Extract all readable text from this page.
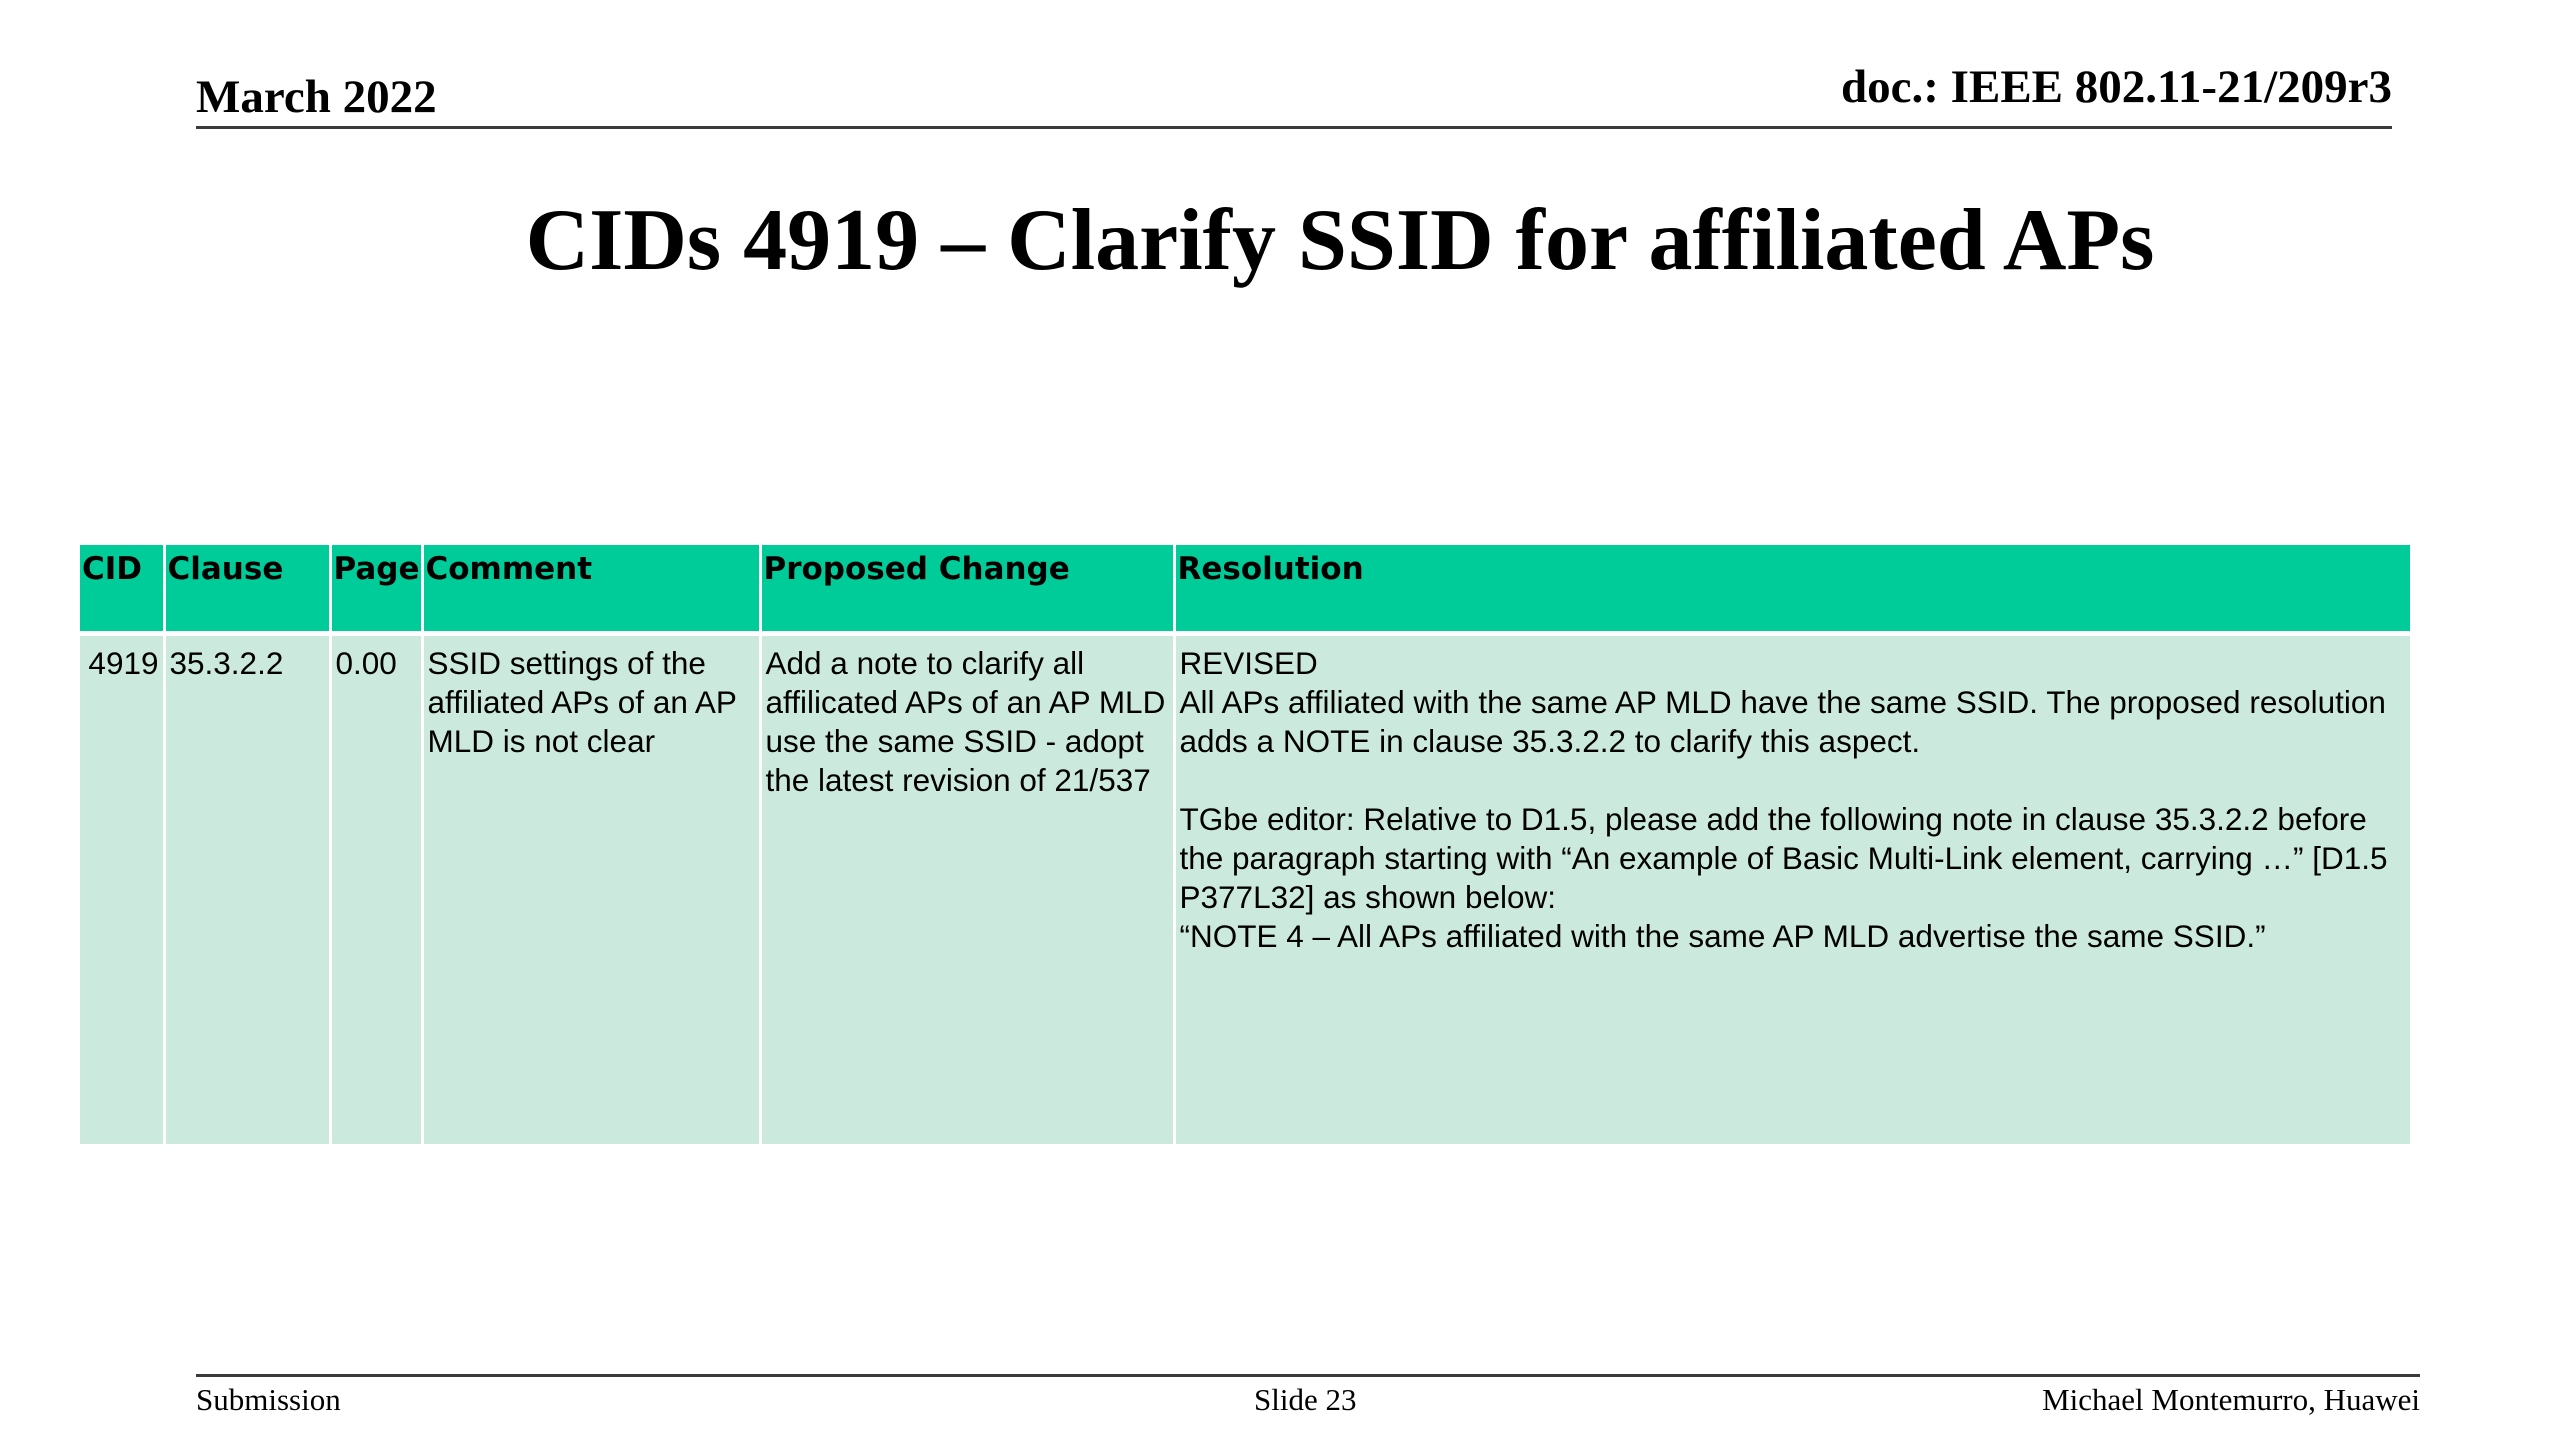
March 2022	doc.: IEEE 802.11-21/209r3
CIDs 4919 – Clarify SSID for affiliated APs
CID	Clause	Page	Comment	Proposed Change	Resolution
4919	35.3.2.2	0.00	SSID settings of the affiliated APs of an AP MLD is not clear	Add a note to clarify all affilicated APs of an AP MLD use the same SSID - adopt the latest revision of 21/537	REVISED
All APs affiliated with the same AP MLD have the same SSID. The proposed resolution adds a NOTE in clause 35.3.2.2 to clarify this aspect.

TGbe editor: Relative to D1.5, please add the following note in clause 35.3.2.2 before the paragraph starting with “An example of Basic Multi-Link element, carrying …” [D1.5 P377L32] as shown below:
“NOTE 4 – All APs affiliated with the same AP MLD advertise the same SSID.”
Submission	Slide 23	Michael Montemurro, Huawei
